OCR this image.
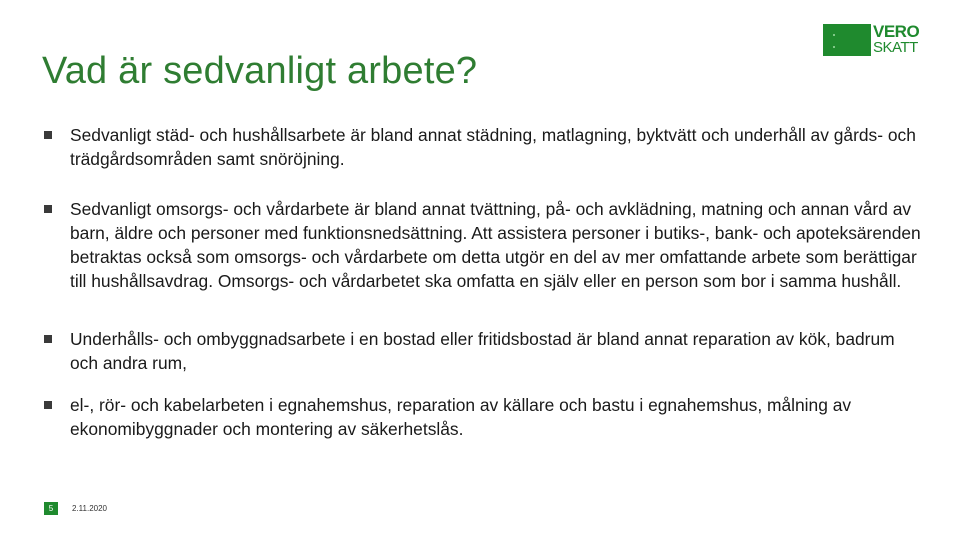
Vad är sedvanligt arbete?
VERO
SKATT
Sedvanligt städ- och hushållsarbete är bland annat städning, matlagning, byktvätt och underhåll av gårds- och trädgårdsområden samt snöröjning.
Sedvanligt omsorgs- och vårdarbete är bland annat tvättning, på- och avklädning, matning och annan vård av barn, äldre och personer med funktionsnedsättning. Att assistera personer i butiks-, bank- och apoteksärenden betraktas också som omsorgs- och vårdarbete om detta utgör en del av mer omfattande arbete som berättigar till hushållsavdrag. Omsorgs- och vårdarbetet ska omfatta en själv eller en person som bor i samma hushåll.
Underhålls- och ombyggnadsarbete i en bostad eller fritidsbostad är bland annat reparation av kök, badrum och andra rum,
el-, rör- och kabelarbeten i egnahemshus, reparation av källare och bastu i egnahemshus, målning av ekonomibyggnader och montering av säkerhetslås.
5	2.11.2020
